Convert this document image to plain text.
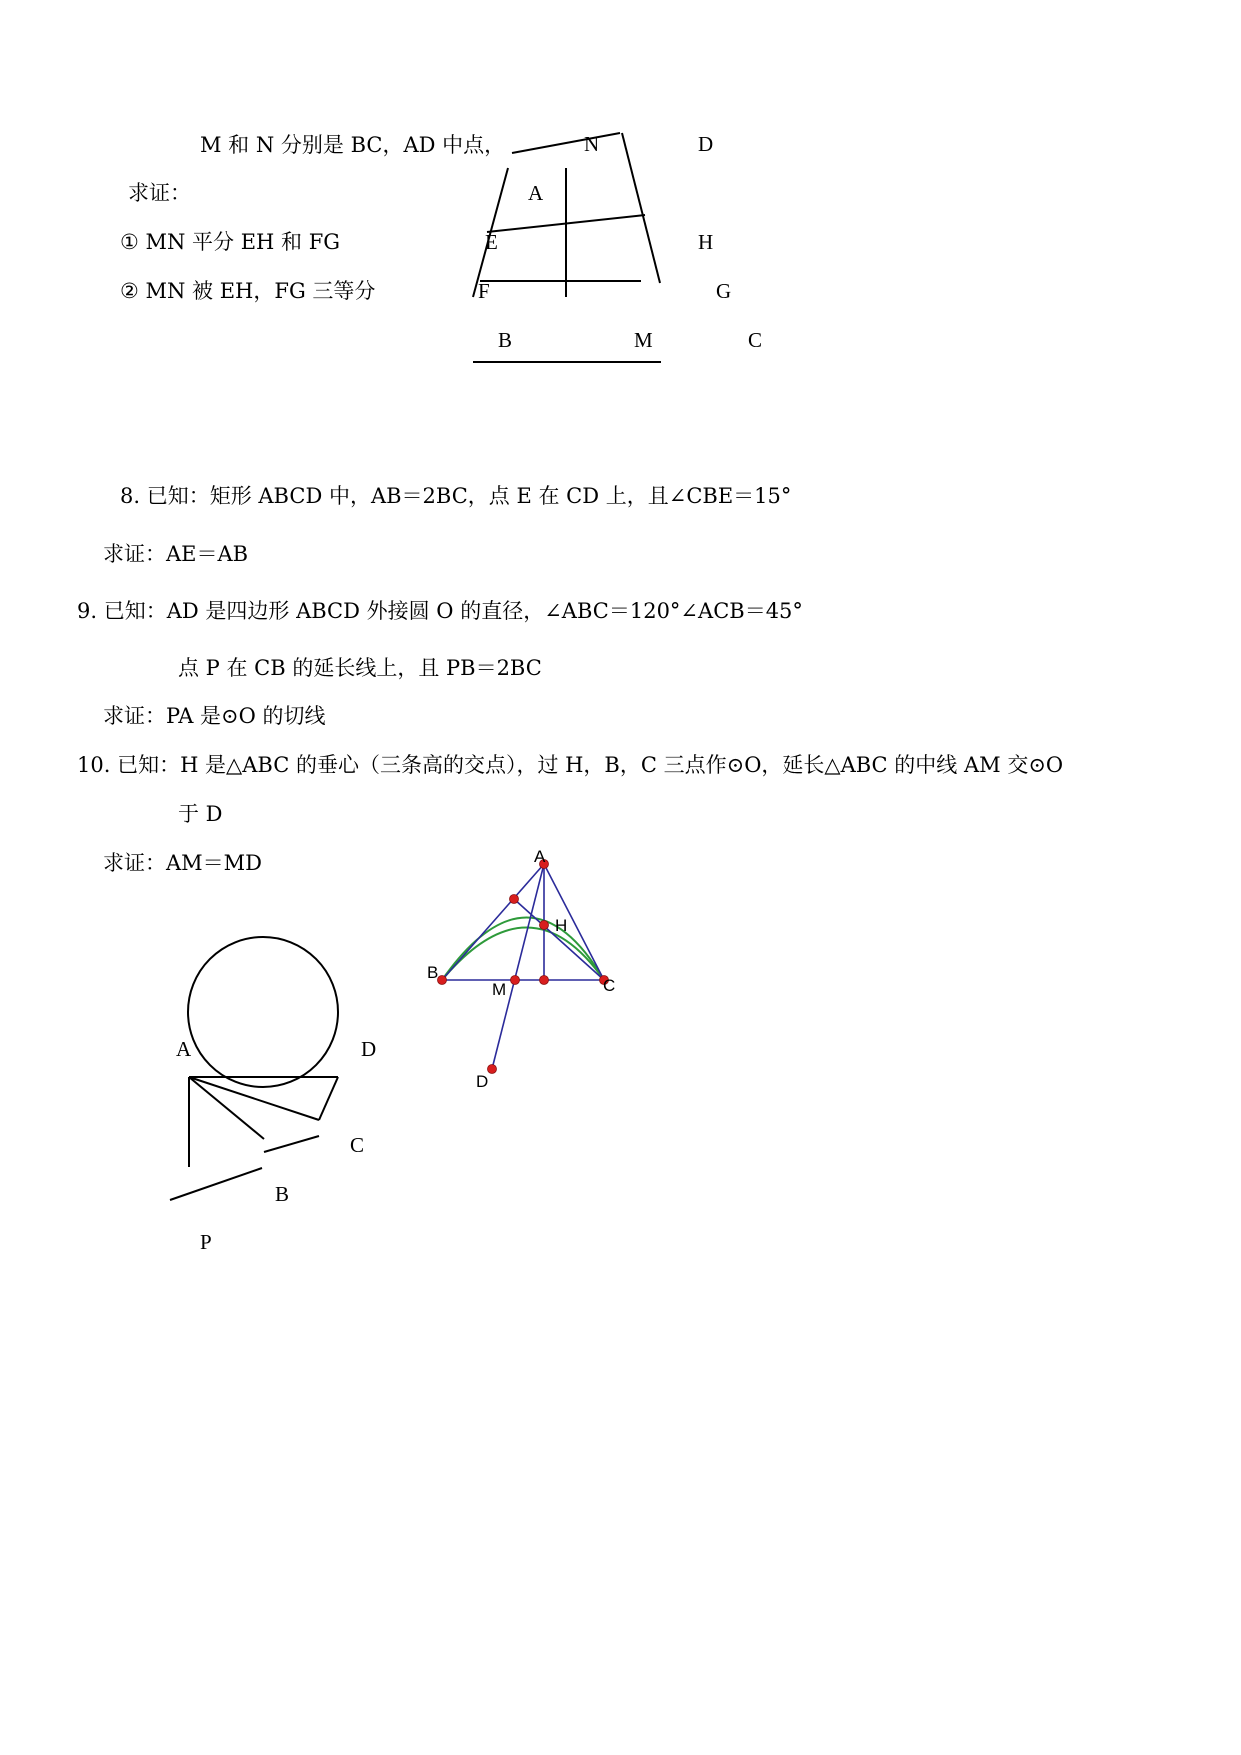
M 和 N 分别是 BC，AD 中点，
求证：
① MN 平分 EH 和 FG
② MN 被 EH，FG 三等分
N	D
A
E	H
F	G
B	M	C
8. 已知：矩形 ABCD 中，AB＝2BC，点 E 在 CD 上，且∠CBE＝15°
求证：AE＝AB
9. 已知：AD 是四边形 ABCD 外接圆 O 的直径，∠ABC＝120°∠ACB＝45°
点 P 在 CB 的延长线上，且 PB＝2BC
求证：PA 是⊙O 的切线
10. 已知：H 是△ABC 的垂心（三条高的交点），过 H，B，C 三点作⊙O，延长△ABC 的中线 AM 交⊙O
于 D
求证：AM＝MD
A	D
C
B
P
A
H
B
M	C
D
